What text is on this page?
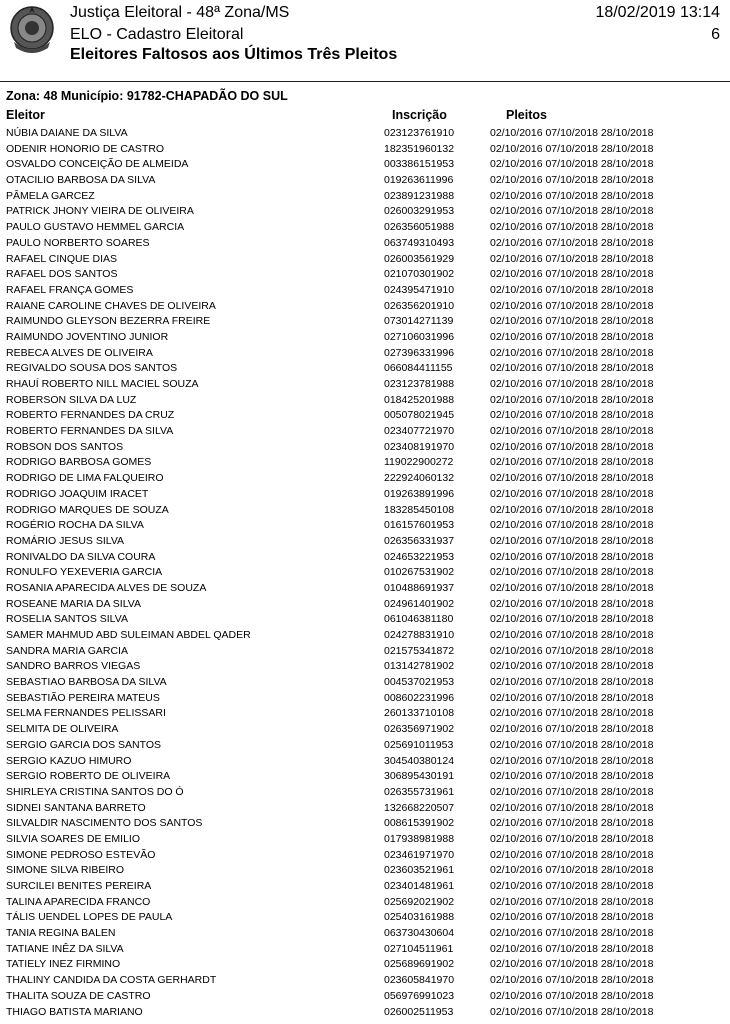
Justiça Eleitoral - 48ª Zona/MS
ELO - Cadastro Eleitoral
Eleitores Faltosos aos Últimos Três Pleitos
18/02/2019 13:14
6
Zona: 48 Município: 91782-CHAPADÃO DO SUL
Eleitor	Inscrição	Pleitos
NÚBIA DAIANE DA SILVA	023123761910	02/10/2016 07/10/2018 28/10/2018
ODENIR HONORIO DE CASTRO	182351960132	02/10/2016 07/10/2018 28/10/2018
OSVALDO CONCEIÇÃO DE ALMEIDA	003386151953	02/10/2016 07/10/2018 28/10/2018
OTACILIO BARBOSA DA SILVA	019263611996	02/10/2016 07/10/2018 28/10/2018
PÂMELA GARCEZ	023891231988	02/10/2016 07/10/2018 28/10/2018
PATRICK JHONY VIEIRA DE OLIVEIRA	026003291953	02/10/2016 07/10/2018 28/10/2018
PAULO GUSTAVO HEMMEL GARCIA	026356051988	02/10/2016 07/10/2018 28/10/2018
PAULO NORBERTO SOARES	063749310493	02/10/2016 07/10/2018 28/10/2018
RAFAEL CINQUE DIAS	026003561929	02/10/2016 07/10/2018 28/10/2018
RAFAEL DOS SANTOS	021070301902	02/10/2016 07/10/2018 28/10/2018
RAFAEL FRANÇA GOMES	024395471910	02/10/2016 07/10/2018 28/10/2018
RAIANE CAROLINE CHAVES DE OLIVEIRA	026356201910	02/10/2016 07/10/2018 28/10/2018
RAIMUNDO GLEYSON BEZERRA FREIRE	073014271139	02/10/2016 07/10/2018 28/10/2018
RAIMUNDO JOVENTINO JUNIOR	027106031996	02/10/2016 07/10/2018 28/10/2018
REBECA ALVES DE OLIVEIRA	027396331996	02/10/2016 07/10/2018 28/10/2018
REGIVALDO SOUSA DOS SANTOS	066084411155	02/10/2016 07/10/2018 28/10/2018
RHAUÍ ROBERTO NILL MACIEL SOUZA	023123781988	02/10/2016 07/10/2018 28/10/2018
ROBERSON SILVA DA LUZ	018425201988	02/10/2016 07/10/2018 28/10/2018
ROBERTO FERNANDES DA CRUZ	005078021945	02/10/2016 07/10/2018 28/10/2018
ROBERTO FERNANDES DA SILVA	023407721970	02/10/2016 07/10/2018 28/10/2018
ROBSON DOS SANTOS	023408191970	02/10/2016 07/10/2018 28/10/2018
RODRIGO BARBOSA GOMES	119022900272	02/10/2016 07/10/2018 28/10/2018
RODRIGO DE LIMA FALQUEIRO	222924060132	02/10/2016 07/10/2018 28/10/2018
RODRIGO JOAQUIM IRACET	019263891996	02/10/2016 07/10/2018 28/10/2018
RODRIGO MARQUES DE SOUZA	183285450108	02/10/2016 07/10/2018 28/10/2018
ROGÉRIO ROCHA DA SILVA	016157601953	02/10/2016 07/10/2018 28/10/2018
ROMÁRIO JESUS SILVA	026356331937	02/10/2016 07/10/2018 28/10/2018
RONIVALDO DA SILVA COURA	024653221953	02/10/2016 07/10/2018 28/10/2018
RONULFO YEXEVERIA GARCIA	010267531902	02/10/2016 07/10/2018 28/10/2018
ROSANIA APARECIDA ALVES DE SOUZA	010488691937	02/10/2016 07/10/2018 28/10/2018
ROSEANE MARIA DA SILVA	024961401902	02/10/2016 07/10/2018 28/10/2018
ROSELIA SANTOS SILVA	061046381180	02/10/2016 07/10/2018 28/10/2018
SAMER MAHMUD ABD SULEIMAN ABDEL QADER	024278831910	02/10/2016 07/10/2018 28/10/2018
SANDRA MARIA GARCIA	021575341872	02/10/2016 07/10/2018 28/10/2018
SANDRO BARROS VIEGAS	013142781902	02/10/2016 07/10/2018 28/10/2018
SEBASTIAO BARBOSA DA SILVA	004537021953	02/10/2016 07/10/2018 28/10/2018
SEBASTIÃO PEREIRA MATEUS	008602231996	02/10/2016 07/10/2018 28/10/2018
SELMA FERNANDES PELISSARI	260133710108	02/10/2016 07/10/2018 28/10/2018
SELMITA DE OLIVEIRA	026356971902	02/10/2016 07/10/2018 28/10/2018
SERGIO GARCIA DOS SANTOS	025691011953	02/10/2016 07/10/2018 28/10/2018
SERGIO KAZUO HIMURO	304540380124	02/10/2016 07/10/2018 28/10/2018
SERGIO ROBERTO DE OLIVEIRA	306895430191	02/10/2016 07/10/2018 28/10/2018
SHIRLEYA CRISTINA SANTOS DO Ó	026355731961	02/10/2016 07/10/2018 28/10/2018
SIDNEI SANTANA BARRETO	132668220507	02/10/2016 07/10/2018 28/10/2018
SILVALDIR NASCIMENTO DOS SANTOS	008615391902	02/10/2016 07/10/2018 28/10/2018
SILVIA SOARES DE EMILIO	017938981988	02/10/2016 07/10/2018 28/10/2018
SIMONE PEDROSO ESTEVÃO	023461971970	02/10/2016 07/10/2018 28/10/2018
SIMONE SILVA RIBEIRO	023603521961	02/10/2016 07/10/2018 28/10/2018
SURCILEI BENITES PEREIRA	023401481961	02/10/2016 07/10/2018 28/10/2018
TALINA APARECIDA FRANCO	025692021902	02/10/2016 07/10/2018 28/10/2018
TÁLIS UENDEL LOPES DE PAULA	025403161988	02/10/2016 07/10/2018 28/10/2018
TANIA REGINA BALEN	063730430604	02/10/2016 07/10/2018 28/10/2018
TATIANE INÊZ DA SILVA	027104511961	02/10/2016 07/10/2018 28/10/2018
TATIELY INEZ FIRMINO	025689691902	02/10/2016 07/10/2018 28/10/2018
THALINY CANDIDA DA COSTA GERHARDT	023605841970	02/10/2016 07/10/2018 28/10/2018
THALITA SOUZA DE CASTRO	056976991023	02/10/2016 07/10/2018 28/10/2018
THIAGO BATISTA MARIANO	026002511953	02/10/2016 07/10/2018 28/10/2018
